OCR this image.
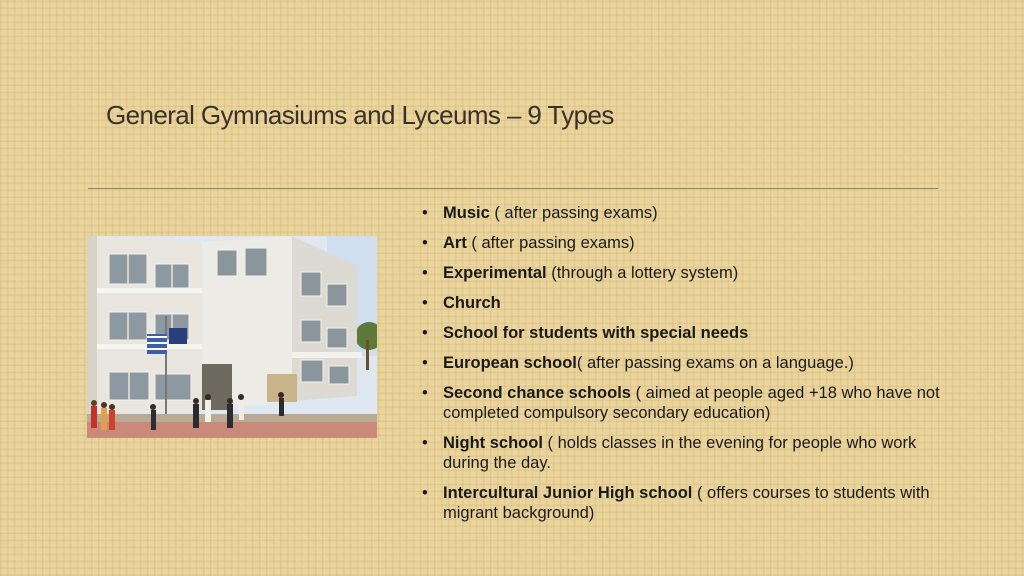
General Gymnasiums and Lyceums – 9 Types
• Music ( after passing exams)
• Art ( after passing exams)
• Experimental (through a lottery system)
• Church
• School for students with special needs
• European school( after passing exams on a language.)
• Second chance schools ( aimed at people aged +18 who have not completed compulsory secondary education)
• Night school ( holds classes in the evening for people who work during the day.
• Intercultural Junior High school ( offers courses to students with migrant background)
